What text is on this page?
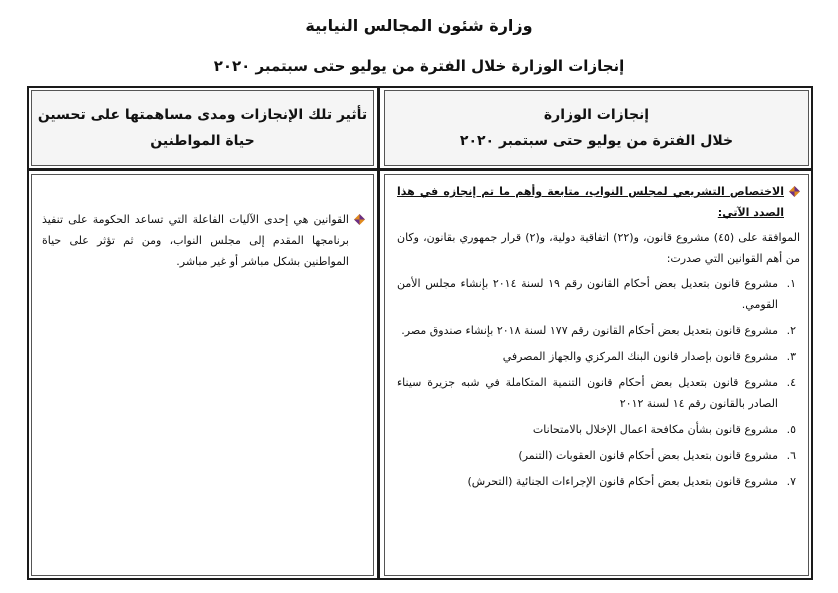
وزارة شئون المجالس النيابية
إنجازات الوزارة خلال الفترة من يوليو حتى سبتمبر ٢٠٢٠
إنجازات الوزارة
خلال الفترة من يوليو حتى سبتمبر ٢٠٢٠
تأثير تلك الإنجازات ومدى مساهمتها على تحسين
حياة المواطنين
الاختصاص التشريعي لمجلس النواب، متابعة وأهم ما تم إنجازه في هذا الصدد الآتي:
الموافقة على (٤٥) مشروع قانون، و(٢٢) اتفاقية دولية، و(٢) قرار جمهوري بقانون، وكان من أهم القوانين التي صدرت:
١.
مشروع قانون بتعديل بعض أحكام القانون رقم ١٩ لسنة ٢٠١٤ بإنشاء مجلس الأمن القومي.
٢.
مشروع قانون بتعديل بعض أحكام القانون رقم ١٧٧ لسنة ٢٠١٨ بإنشاء صندوق مصر.
٣.
مشروع قانون بإصدار قانون البنك المركزي والجهاز المصرفي
٤.
مشروع قانون بتعديل بعض أحكام قانون التنمية المتكاملة في شبه جزيرة سيناء الصادر بالقانون رقم ١٤ لسنة ٢٠١٢
٥.
مشروع قانون بشأن مكافحة اعمال الإخلال بالامتحانات
٦.
مشروع قانون بتعديل بعض أحكام قانون العقوبات (التنمر)
٧.
مشروع قانون بتعديل بعض أحكام قانون الإجراءات الجنائية (التحرش)
القوانين هي إحدى الآليات الفاعلة التي تساعد الحكومة على تنفيذ برنامجها المقدم إلى مجلس النواب، ومن ثم تؤثر على حياة المواطنين بشكل مباشر أو غير مباشر.
